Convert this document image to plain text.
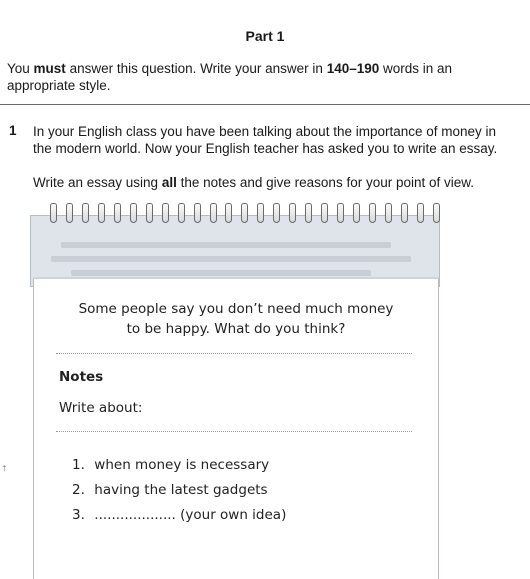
Part 1
You must answer this question. Write your answer in 140–190 words in an appropriate style.
1 In your English class you have been talking about the importance of money in the modern world. Now your English teacher has asked you to write an essay.
Write an essay using all the notes and give reasons for your point of view.
Some people say you don’t need much money
to be happy. What do you think?
Notes
Write about:
1. when money is necessary
2. having the latest gadgets
3. ................... (your own idea)
†
